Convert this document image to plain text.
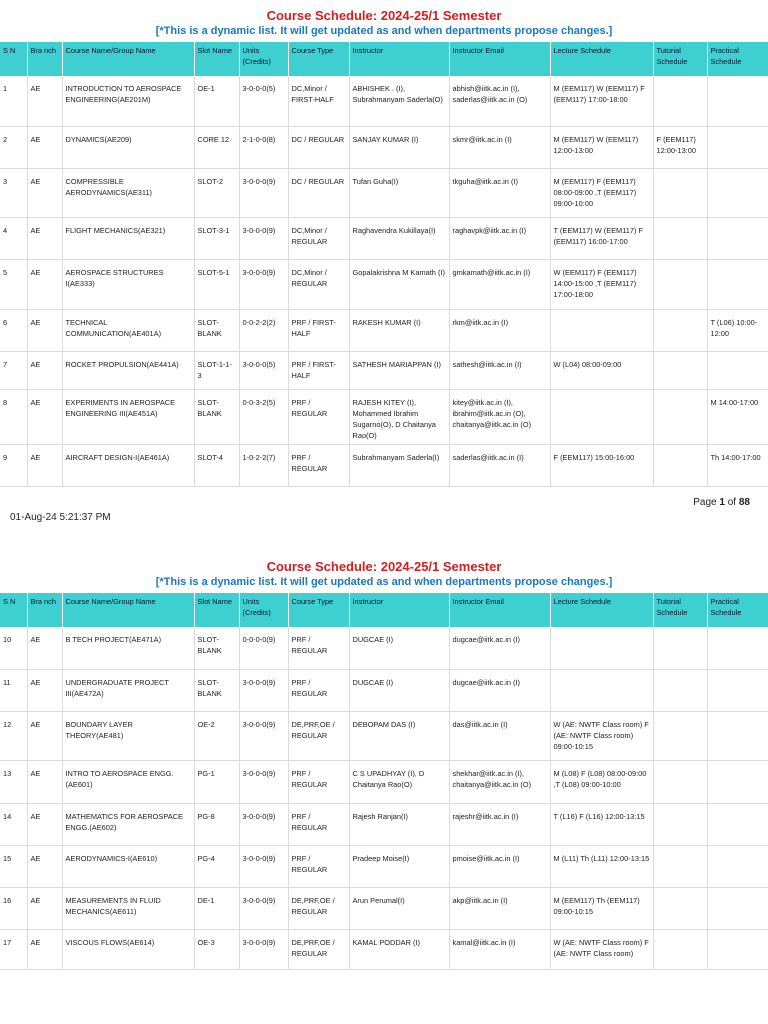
Course Schedule: 2024-25/1 Semester
[*This is a dynamic list. It will get updated as and when departments propose changes.]
S N	Bra nch	Course Name/Group Name	Slot Name	Units (Credits)	Course Type	Instructor	Instructor Email	Lecture Schedule	Tutorial Schedule	Practical Schedule
1	AE	INTRODUCTION TO AEROSPACE ENGINEERING(AE201M)	OE-1	3-0-0-0(5)	DC,Minor / FIRST-HALF	ABHISHEK . (I), Subrahmanyam Saderla(O)	abhish@iitk.ac.in (I), saderlas@iitk.ac.in (O)	M (EEM117) W (EEM117) F (EEM117) 17:00-18:00		
2	AE	DYNAMICS(AE209)	CORE 12	2-1-0-0(8)	DC / REGULAR	SANJAY KUMAR (I)	skmr@iitk.ac.in (I)	M (EEM117) W (EEM117) 12:00-13:00	F (EEM117) 12:00-13:00	
3	AE	COMPRESSIBLE AERODYNAMICS(AE311)	SLOT-2	3-0-0-0(9)	DC / REGULAR	Tufan Guha(I)	tkguha@iitk.ac.in (I)	M (EEM117) F (EEM117) 08:00-09:00 ,T (EEM117) 09:00-10:00		
4	AE	FLIGHT MECHANICS(AE321)	SLOT-3-1	3-0-0-0(9)	DC,Minor / REGULAR	Raghavendra Kukillaya(I)	raghavpk@iitk.ac.in (I)	T (EEM117) W (EEM117) F (EEM117) 16:00-17:00		
5	AE	AEROSPACE STRUCTURES I(AE333)	SLOT-5-1	3-0-0-0(9)	DC,Minor / REGULAR	Gopalakrishna M Kamath (I)	gmkamath@iitk.ac.in (I)	W (EEM117) F (EEM117) 14:00-15:00 ,T (EEM117) 17:00-18:00		
6	AE	TECHNICAL COMMUNICATION(AE401A)	SLOT-BLANK	0-0-2-2(2)	PRF / FIRST-HALF	RAKESH KUMAR (I)	rkm@iitk.ac.in (I)			T (L06) 10:00-12:00
7	AE	ROCKET PROPULSION(AE441A)	SLOT-1-1-3	3-0-0-0(5)	PRF / FIRST-HALF	SATHESH MARIAPPAN (I)	sathesh@iitk.ac.in (I)	W (L04) 08:00-09:00		
8	AE	EXPERIMENTS IN AEROSPACE ENGINEERING III(AE451A)	SLOT-BLANK	0-0-3-2(5)	PRF / REGULAR	RAJESH KITEY (I), Mohammed Ibrahim Sugarno(O), D Chaitanya Rao(O)	kitey@iitk.ac.in (I), ibrahim@iitk.ac.in (O), chaitanya@iitk.ac.in (O)			M 14:00-17:00
9	AE	AIRCRAFT DESIGN-I(AE461A)	SLOT-4	1-0-2-2(7)	PRF / REGULAR	Subrahmanyam Saderla(I)	saderlas@iitk.ac.in (I)	F (EEM117) 15:00-16:00		Th 14:00-17:00
Page 1 of 88
01-Aug-24 5:21:37 PM
Course Schedule: 2024-25/1 Semester
[*This is a dynamic list. It will get updated as and when departments propose changes.]
S N	Bra nch	Course Name/Group Name	Slot Name	Units (Credits)	Course Type	Instructor	Instructor Email	Lecture Schedule	Tutorial Schedule	Practical Schedule
10	AE	B TECH PROJECT(AE471A)	SLOT-BLANK	0-0-0-0(9)	PRF / REGULAR	DUGCAE (I)	dugcae@iitk.ac.in (I)			
11	AE	UNDERGRADUATE PROJECT III(AE472A)	SLOT-BLANK	3-0-0-0(9)	PRF / REGULAR	DUGCAE (I)	dugcae@iitk.ac.in (I)			
12	AE	BOUNDARY LAYER THEORY(AE481)	OE-2	3-0-0-0(9)	DE,PRF,OE / REGULAR	DEBOPAM DAS (I)	das@iitk.ac.in (I)	W (AE: NWTF Class room) F (AE: NWTF Class room) 09:00-10:15		
13	AE	INTRO TO AEROSPACE ENGG.(AE601)	PG-1	3-0-0-0(9)	PRF / REGULAR	C S UPADHYAY (I), D Chaitanya Rao(O)	shekhar@iitk.ac.in (I), chaitanya@iitk.ac.in (O)	M (L08) F (L08) 08:00-09:00 ,T (L08) 09:00-10:00		
14	AE	MATHEMATICS FOR AEROSPACE ENGG.(AE602)	PG-8	3-0-0-0(9)	PRF / REGULAR	Rajesh Ranjan(I)	rajeshr@iitk.ac.in (I)	T (L16) F (L16) 12:00-13:15		
15	AE	AERODYNAMICS-I(AE610)	PG-4	3-0-0-0(9)	PRF / REGULAR	Pradeep Moise(I)	pmoise@iitk.ac.in (I)	M (L11) Th (L11) 12:00-13:15		
16	AE	MEASUREMENTS IN FLUID MECHANICS(AE611)	DE-1	3-0-0-0(9)	DE,PRF,OE / REGULAR	Arun Perumal(I)	akp@iitk.ac.in (I)	M (EEM117) Th (EEM117) 09:00-10:15		
17	AE	VISCOUS FLOWS(AE614)	OE-3	3-0-0-0(9)	DE,PRF,OE / REGULAR	KAMAL PODDAR (I)	kamal@iitk.ac.in (I)	W (AE: NWTF Class room) F (AE: NWTF Class room)		
